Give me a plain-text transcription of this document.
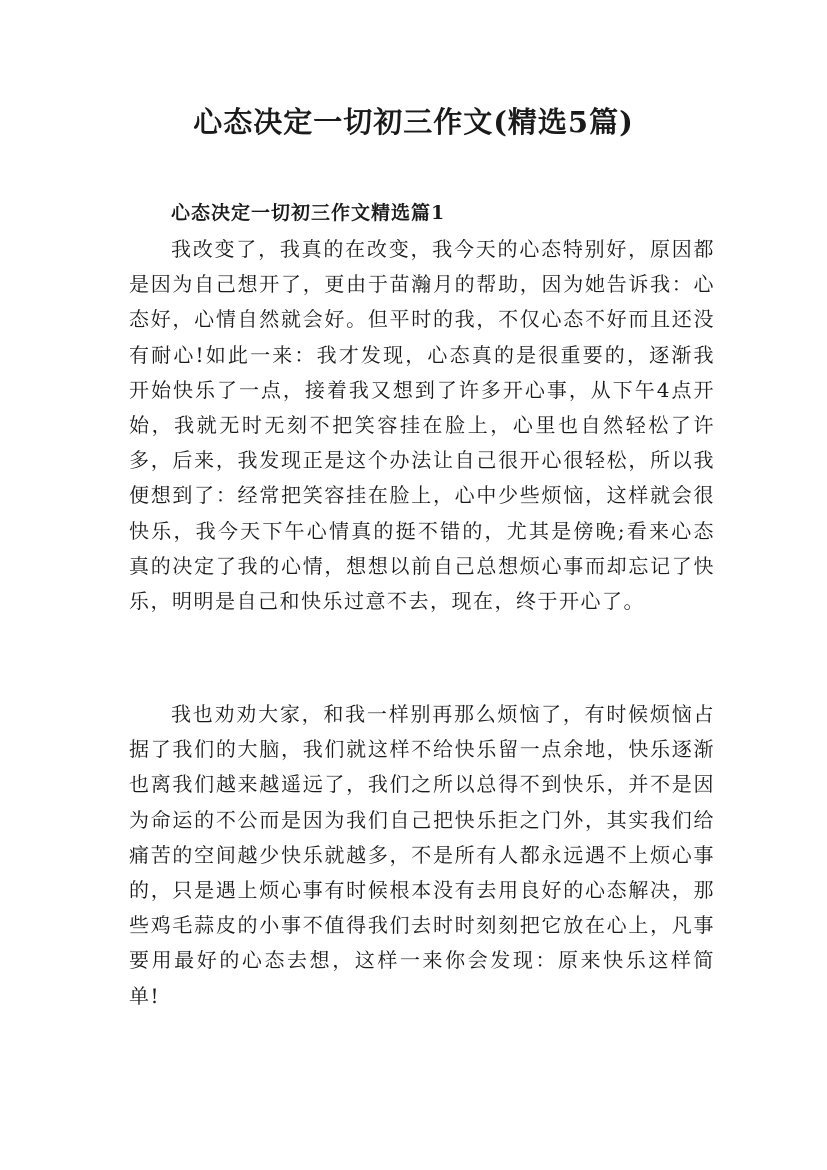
心态决定一切初三作文(精选5篇)
心态决定一切初三作文精选篇1

我改变了，我真的在改变，我今天的心态特别好，原因都是因为自己想开了，更由于苗瀚月的帮助，因为她告诉我：心态好，心情自然就会好。但平时的我，不仅心态不好而且还没有耐心!如此一来：我才发现，心态真的是很重要的，逐渐我开始快乐了一点，接着我又想到了许多开心事，从下午4点开始，我就无时无刻不把笑容挂在脸上，心里也自然轻松了许多，后来，我发现正是这个办法让自己很开心很轻松，所以我便想到了：经常把笑容挂在脸上，心中少些烦恼，这样就会很快乐，我今天下午心情真的挺不错的，尤其是傍晚;看来心态真的决定了我的心情，想想以前自己总想烦心事而却忘记了快乐，明明是自己和快乐过意不去，现在，终于开心了。

我也劝劝大家，和我一样别再那么烦恼了，有时候烦恼占据了我们的大脑，我们就这样不给快乐留一点余地，快乐逐渐也离我们越来越遥远了，我们之所以总得不到快乐，并不是因为命运的不公而是因为我们自己把快乐拒之门外，其实我们给痛苦的空间越少快乐就越多，不是所有人都永远遇不上烦心事的，只是遇上烦心事有时候根本没有去用良好的心态解决，那些鸡毛蒜皮的小事不值得我们去时时刻刻把它放在心上，凡事要用最好的心态去想，这样一来你会发现：原来快乐这样简单!
